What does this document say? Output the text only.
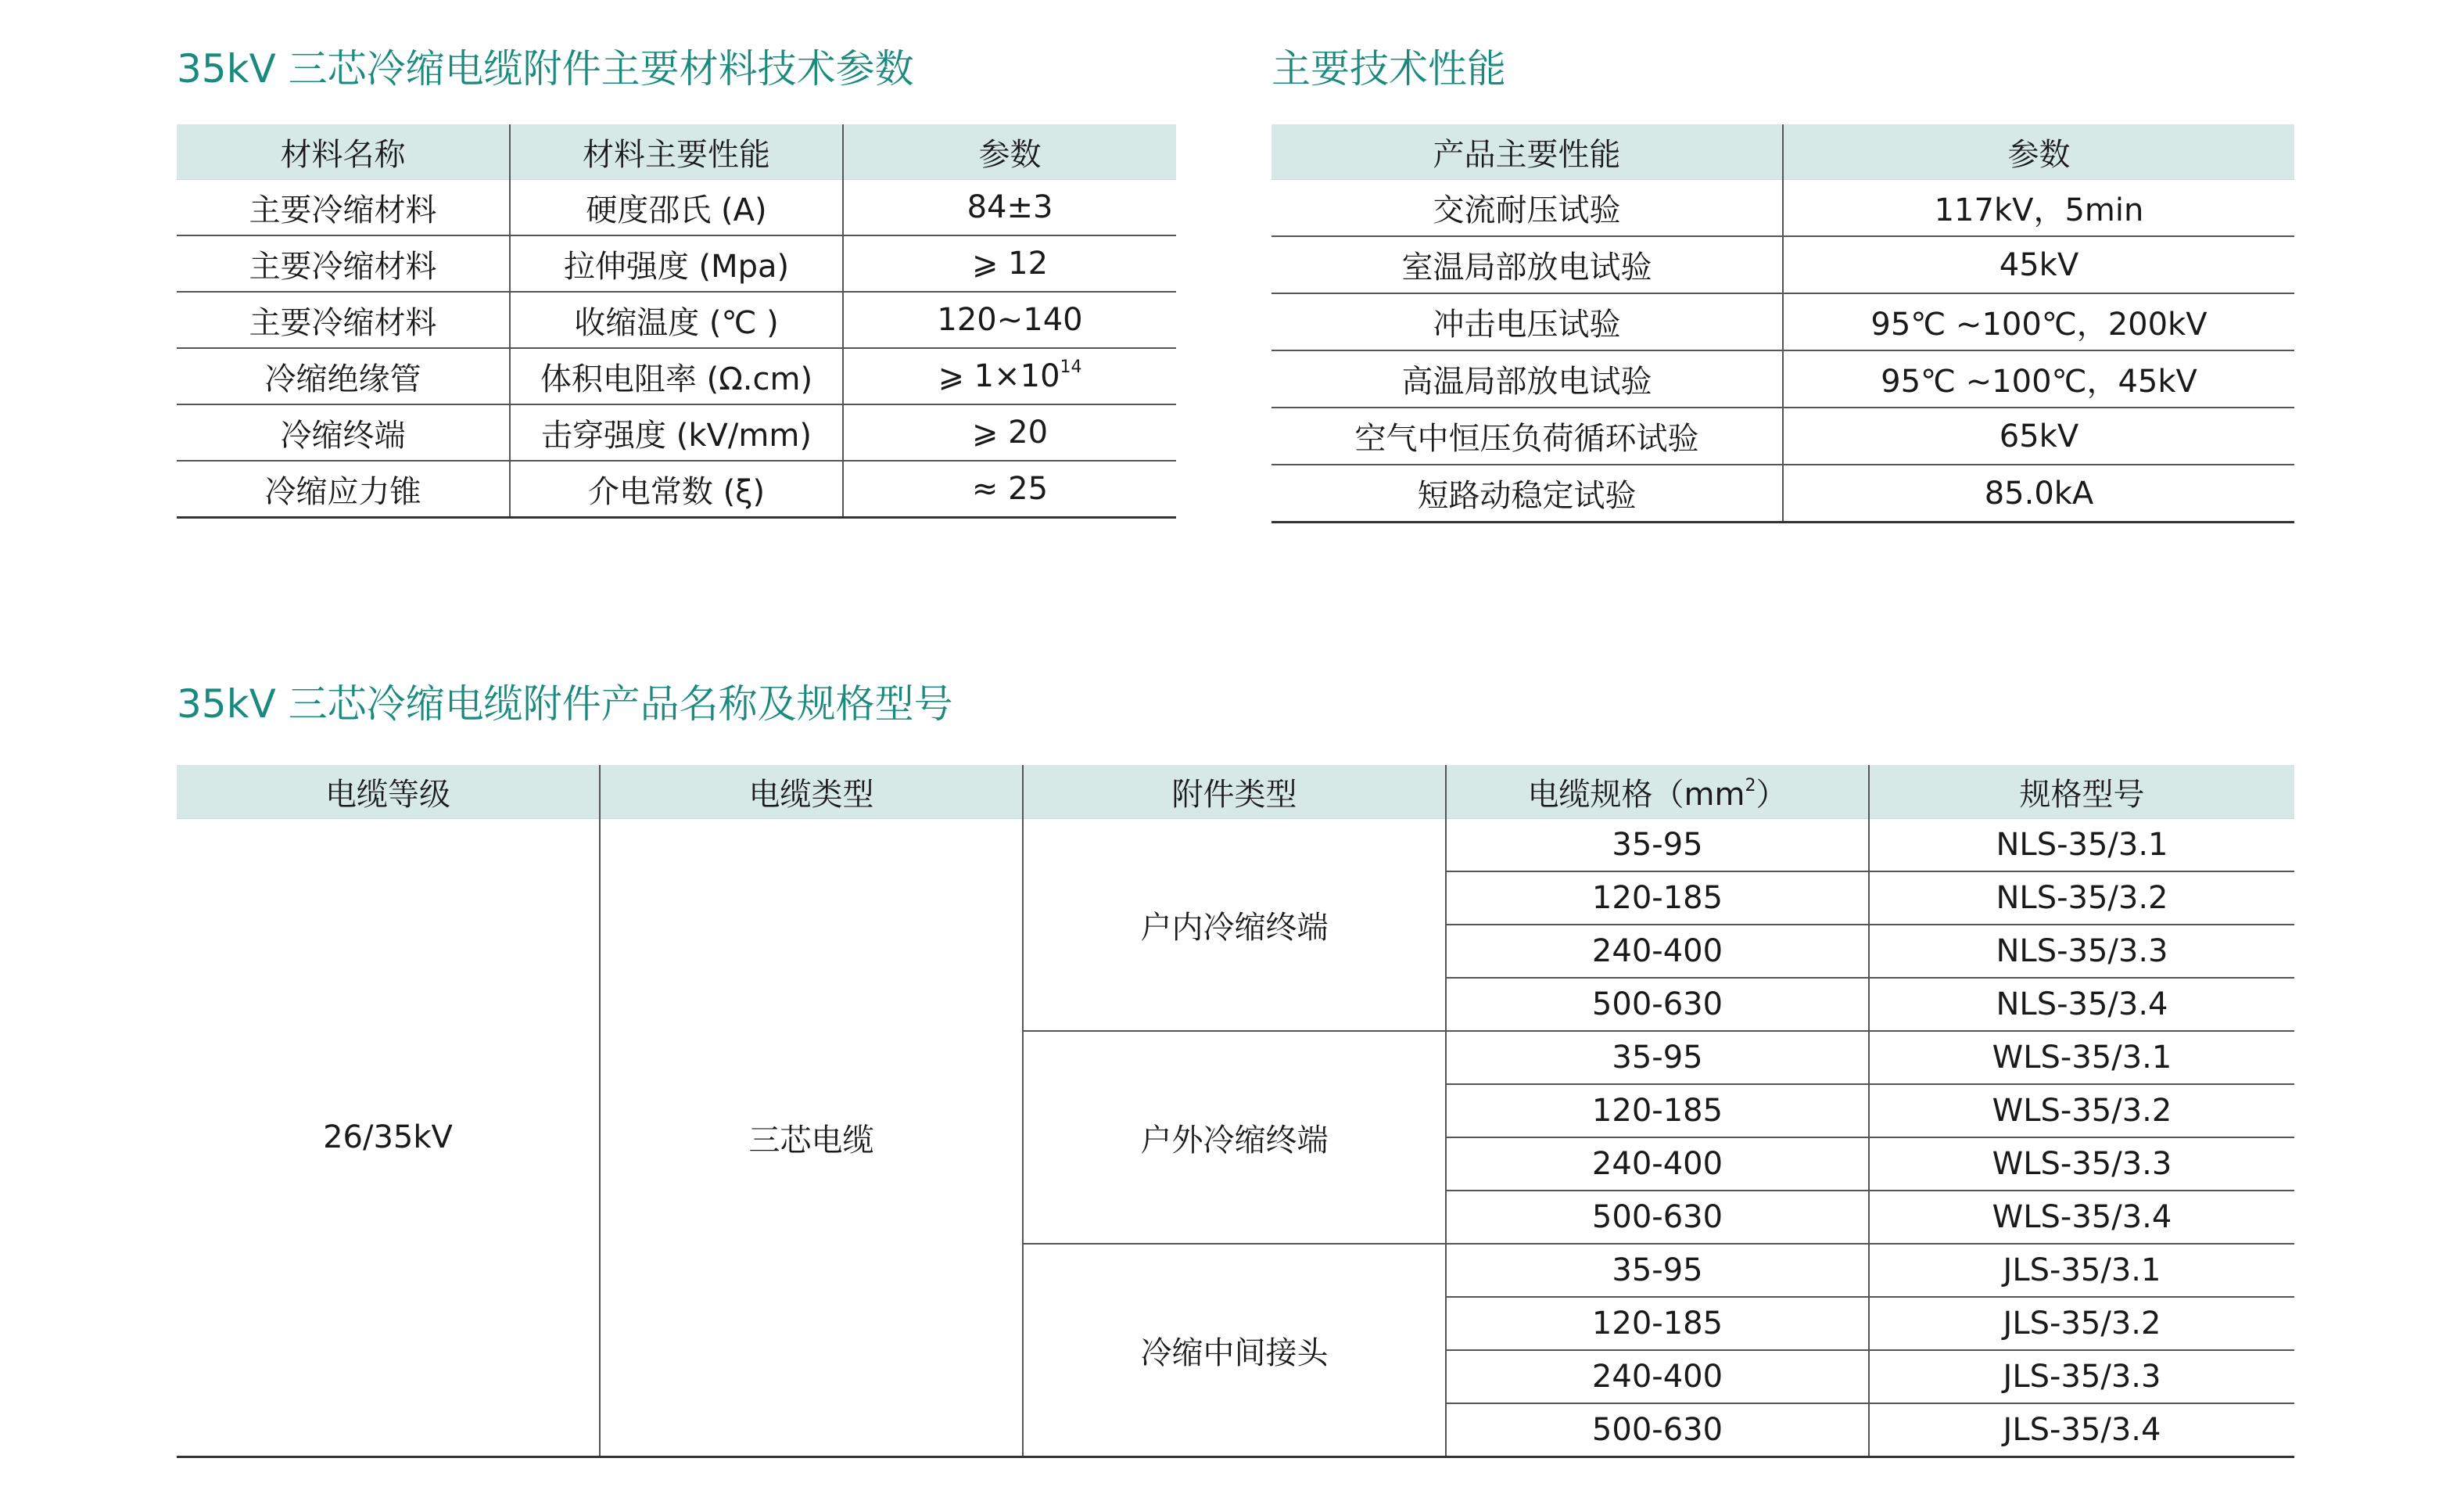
35kV 三芯冷缩电缆附件主要材料技术参数
材料名称	材料主要性能	参数
主要冷缩材料	硬度邵氏 (A)	84±3
主要冷缩材料	拉伸强度 (Mpa)	⩾ 12
主要冷缩材料	收缩温度 (℃ )	120~140
冷缩绝缘管	体积电阻率 (Ω.cm)	⩾ $1\times 10^{14}$
冷缩终端	击穿强度 (kV/mm)	⩾ 20
冷缩应力锥	介电常数 (ξ)	≈ 25
主要技术性能
产品主要性能	参数
交流耐压试验	117kV，5min
室温局部放电试验	45kV
冲击电压试验	95℃ ~100℃，200kV
高温局部放电试验	95℃ ~100℃，45kV
空气中恒压负荷循环试验	65kV
短路动稳定试验	85.0kA
35kV 三芯冷缩电缆附件产品名称及规格型号
电缆等级	电缆类型	附件类型	电缆规格$(mm^2)$	规格型号
26/35kV	三芯电缆	户内冷缩终端	35-95	NLS-35/3.1
			120-185	NLS-35/3.2
			240-400	NLS-35/3.3
			500-630	NLS-35/3.4
		户外冷缩终端	35-95	WLS-35/3.1
			120-185	WLS-35/3.2
			240-400	WLS-35/3.3
			500-630	WLS-35/3.4
		冷缩中间接头	35-95	JLS-35/3.1
			120-185	JLS-35/3.2
			240-400	JLS-35/3.3
			500-630	JLS-35/3.4
